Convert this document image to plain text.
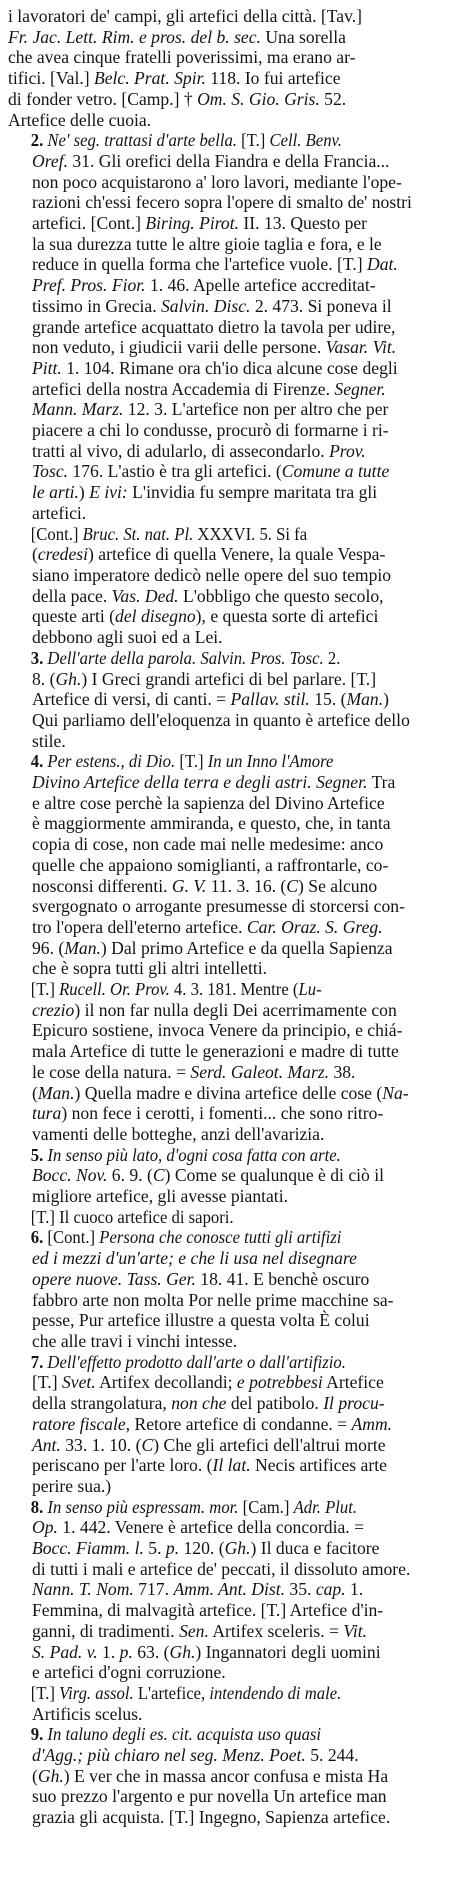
i lavoratori de' campi, gli artefici della città. [Tav.]
Fr. Jac. Lett. Rim. e pros. del b. sec. Una sorella
che avea cinque fratelli poverissimi, ma erano ar-
tifici. [Val.] Belc. Prat. Spir. 118. Io fui artefice
di fonder vetro. [Camp.] † Om. S. Gio. Gris. 52.
Artefice delle cuoia.
2. Ne' seg. trattasi d'arte bella. [T.] Cell. Benv.
Oref. 31. Gli orefici della Fiandra e della Francia...
non poco acquistarono a' loro lavori, mediante l'ope-
razioni ch'essi fecero sopra l'opere di smalto de' nostri
artefici. [Cont.] Biring. Pirot. II. 13. Questo per
la sua durezza tutte le altre gioie taglia e fora, e le
reduce in quella forma che l'artefice vuole. [T.] Dat.
Pref. Pros. Fior. 1. 46. Apelle artefice accreditat-
tissimo in Grecia. Salvin. Disc. 2. 473. Si poneva il
grande artefice acquattato dietro la tavola per udire,
non veduto, i giudicii varii delle persone. Vasar. Vit.
Pitt. 1. 104. Rimane ora ch'io dica alcune cose degli
artefici della nostra Accademia di Firenze. Segner.
Mann. Marz. 12. 3. L'artefice non per altro che per
piacere a chi lo condusse, procurò di formarne i ri-
tratti al vivo, di adularlo, di assecondarlo. Prov.
Tosc. 176. L'astio è tra gli artefici. (Comune a tutte
le arti.) E ivi: L'invidia fu sempre maritata tra gli
artefici.
[Cont.] Bruc. St. nat. Pl. XXXVI. 5. Si fa
(credesi) artefice di quella Venere, la quale Vespa-
siano imperatore dedicò nelle opere del suo tempio
della pace. Vas. Ded. L'obbligo che questo secolo,
queste arti (del disegno), e questa sorte di artefici
debbono agli suoi ed a Lei.
3. Dell'arte della parola. Salvin. Pros. Tosc. 2.
8. (Gh.) I Greci grandi artefici di bel parlare. [T.]
Artefice di versi, di canti. = Pallav. stil. 15. (Man.)
Qui parliamo dell'eloquenza in quanto è artefice dello
stile.
4. Per estens., di Dio. [T.] In un Inno l'Amore
Divino Artefice della terra e degli astri. Segner. Tra
e altre cose perchè la sapienza del Divino Artefice
è maggiormente ammiranda, e questo, che, in tanta
copia di cose, non cade mai nelle medesime: anco
quelle che appaiono somiglianti, a raffrontarle, co-
nosconsi differenti. G. V. 11. 3. 16. (C) Se alcuno
svergognato o arrogante presumesse di storcersi con-
tro l'opera dell'eterno artefice. Car. Oraz. S. Greg.
96. (Man.) Dal primo Artefice e da quella Sapienza
che è sopra tutti gli altri intelletti.
[T.] Rucell. Or. Prov. 4. 3. 181. Mentre (Lu-
crezio) il non far nulla degli Dei acerrimamente con
Epicuro sostiene, invoca Venere da principio, e chiá-
mala Artefice di tutte le generazioni e madre di tutte
le cose della natura. = Serd. Galeot. Marz. 38.
(Man.) Quella madre e divina artefice delle cose (Na-
tura) non fece i cerotti, i fomenti... che sono ritro-
vamenti delle botteghe, anzi dell'avarizia.
5. In senso più lato, d'ogni cosa fatta con arte.
Bocc. Nov. 6. 9. (C) Come se qualunque è di ciò il
migliore artefice, gli avesse piantati.
[T.] Il cuoco artefice di sapori.
6. [Cont.] Persona che conosce tutti gli artifizi
ed i mezzi d'un'arte; e che li usa nel disegnare
opere nuove. Tass. Ger. 18. 41. E benchè oscuro
fabbro arte non molta Por nelle prime macchine sa-
pesse, Pur artefice illustre a questa volta È colui
che alle travi i vinchi intesse.
7. Dell'effetto prodotto dall'arte o dall'artifizio.
[T.] Svet. Artifex decollandi; e potrebbesi Artefice
della strangolatura, non che del patibolo. Il procu-
ratore fiscale, Retore artefice di condanne. = Amm.
Ant. 33. 1. 10. (C) Che gli artefici dell'altrui morte
periscano per l'arte loro. (Il lat. Necis artifices arte
perire sua.)
8. In senso più espressam. mor. [Cam.] Adr. Plut.
Op. 1. 442. Venere è artefice della concordia. =
Bocc. Fiamm. l. 5. p. 120. (Gh.) Il duca e facitore
di tutti i mali e artefice de' peccati, il dissoluto amore.
Nann. T. Nom. 717. Amm. Ant. Dist. 35. cap. 1.
Femmina, di malvagità artefice. [T.] Artefice d'in-
ganni, di tradimenti. Sen. Artifex sceleris. = Vit.
S. Pad. v. 1. p. 63. (Gh.) Ingannatori degli uomini
e artefici d'ogni corruzione.
[T.] Virg. assol. L'artefice, intendendo di male.
Artificis scelus.
9. In taluno degli es. cit. acquista uso quasi
d'Agg.; più chiaro nel seg. Menz. Poet. 5. 244.
(Gh.) E ver che in massa ancor confusa e mista Ha
suo prezzo l'argento e pur novella Un artefice man
grazia gli acquista. [T.] Ingegno, Sapienza artefice.
